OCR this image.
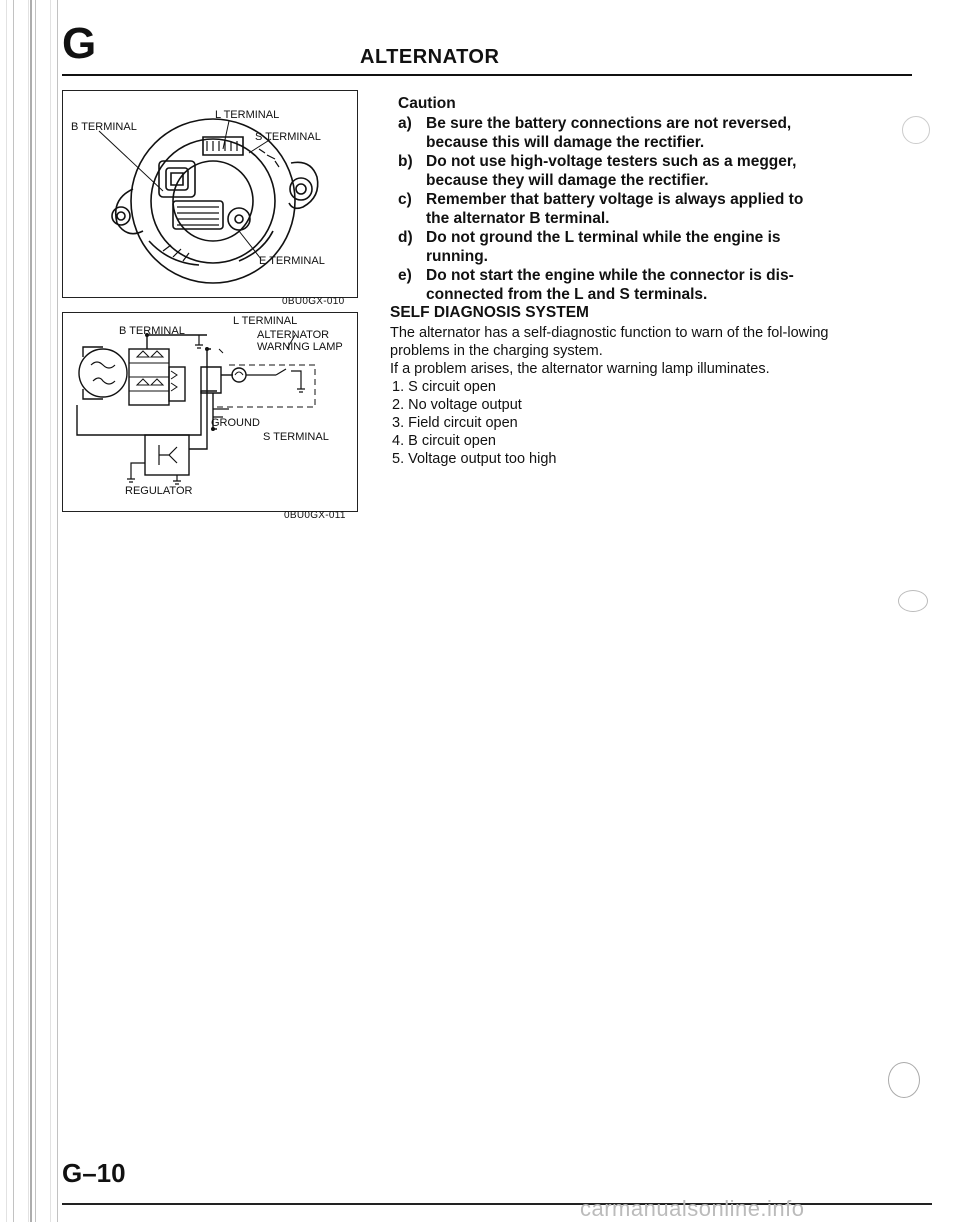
G	ALTERNATOR
B TERMINAL
L TERMINAL
S TERMINAL
E TERMINAL
0BU0GX-010
B TERMINAL
L TERMINAL
ALTERNATOR
WARNING LAMP
GROUND
S TERMINAL
REGULATOR
0BU0GX-011
Caution
a) Be sure the battery connections are not reversed, because this will damage the rectifier.
b) Do not use high-voltage testers such as a megger, because they will damage the rectifier.
c) Remember that battery voltage is always applied to the alternator B terminal.
d) Do not ground the L terminal while the engine is running.
e) Do not start the engine while the connector is dis-connected from the L and S terminals.
SELF DIAGNOSIS SYSTEM
The alternator has a self-diagnostic function to warn of the fol-lowing problems in the charging system.
If a problem arises, the alternator warning lamp illuminates.
1. S circuit open
2. No voltage output
3. Field circuit open
4. B circuit open
5. Voltage output too high
G–10
carmanualsonline.info
